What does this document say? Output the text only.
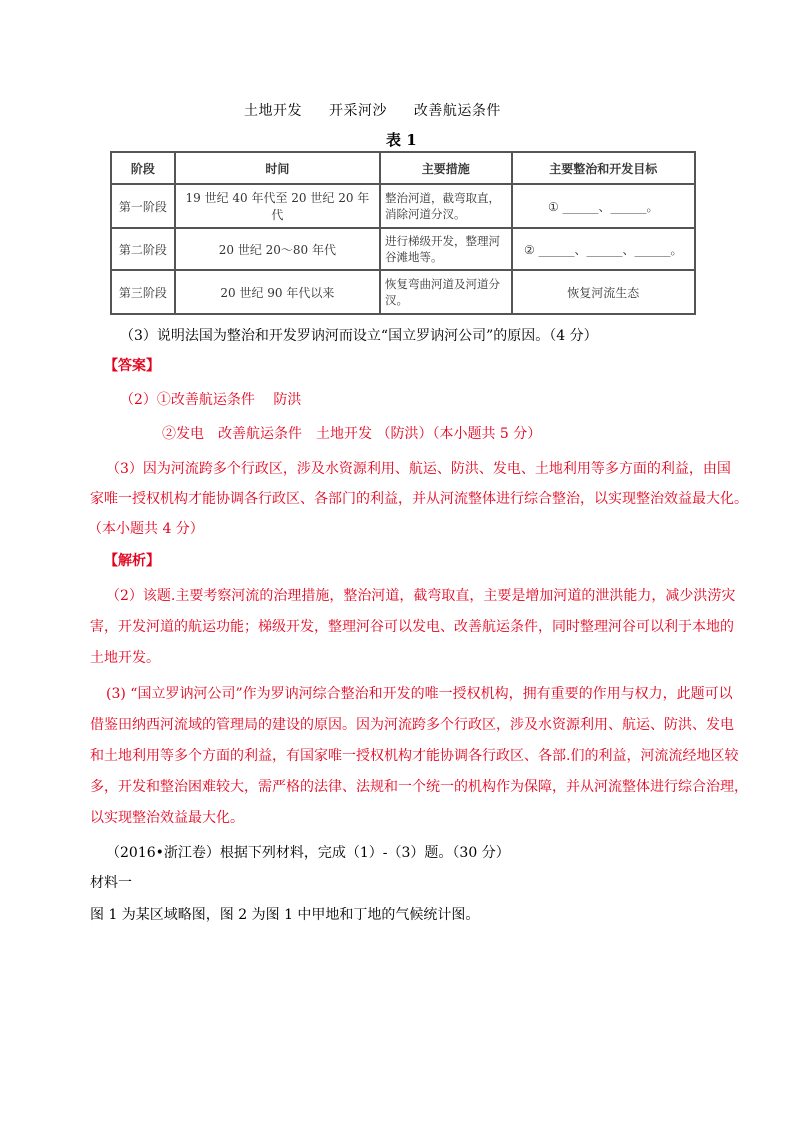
土地开发 开采河沙 改善航运条件
表 1
阶段	时间	主要措施	主要整治和开发目标
第一阶段	19 世纪 40 年代至 20 世纪 20 年代	整治河道，截弯取直，消除河道分汊。	① ______、______。
第二阶段	20 世纪 20～80 年代	进行梯级开发，整理河谷滩地等。	② ______、______、______。
第三阶段	20 世纪 90 年代以来	恢复弯曲河道及河道分汊。	恢复河流生态
（3）说明法国为整治和开发罗讷河而设立“国立罗讷河公司”的原因。（4 分）
【答案】
（2）①改善航运条件　 防洪
②发电　改善航运条件　土地开发 （防洪）（本小题共 5 分）
（3）因为河流跨多个行政区，涉及水资源利用、航运、防洪、发电、土地利用等多方面的利益，由国
家唯一授权机构才能协调各行政区、各部门的利益，并从河流整体进行综合整治，以实现整治效益最大化。
（本小题共 4 分）
【解析】
（2）该题.主要考察河流的治理措施，整治河道，截弯取直，主要是增加河道的泄洪能力，减少洪涝灾
害，开发河道的航运功能；梯级开发，整理河谷可以发电、改善航运条件，同时整理河谷可以利于本地的
土地开发。
(3) “国立罗讷河公司”作为罗讷河综合整治和开发的唯一授权机构，拥有重要的作用与权力，此题可以
借鉴田纳西河流域的管理局的建设的原因。因为河流跨多个行政区，涉及水资源利用、航运、防洪、发电
和土地利用等多个方面的利益，有国家唯一授权机构才能协调各行政区、各部.们的利益，河流流经地区较
多，开发和整治困难较大，需严格的法律、法规和一个统一的机构作为保障，并从河流整体进行综合治理，
以实现整治效益最大化。
（2016•浙江卷）根据下列材料，完成（1）-（3）题。（30 分）
材料一
图 1 为某区域略图，图 2 为图 1 中甲地和丁地的气候统计图。
